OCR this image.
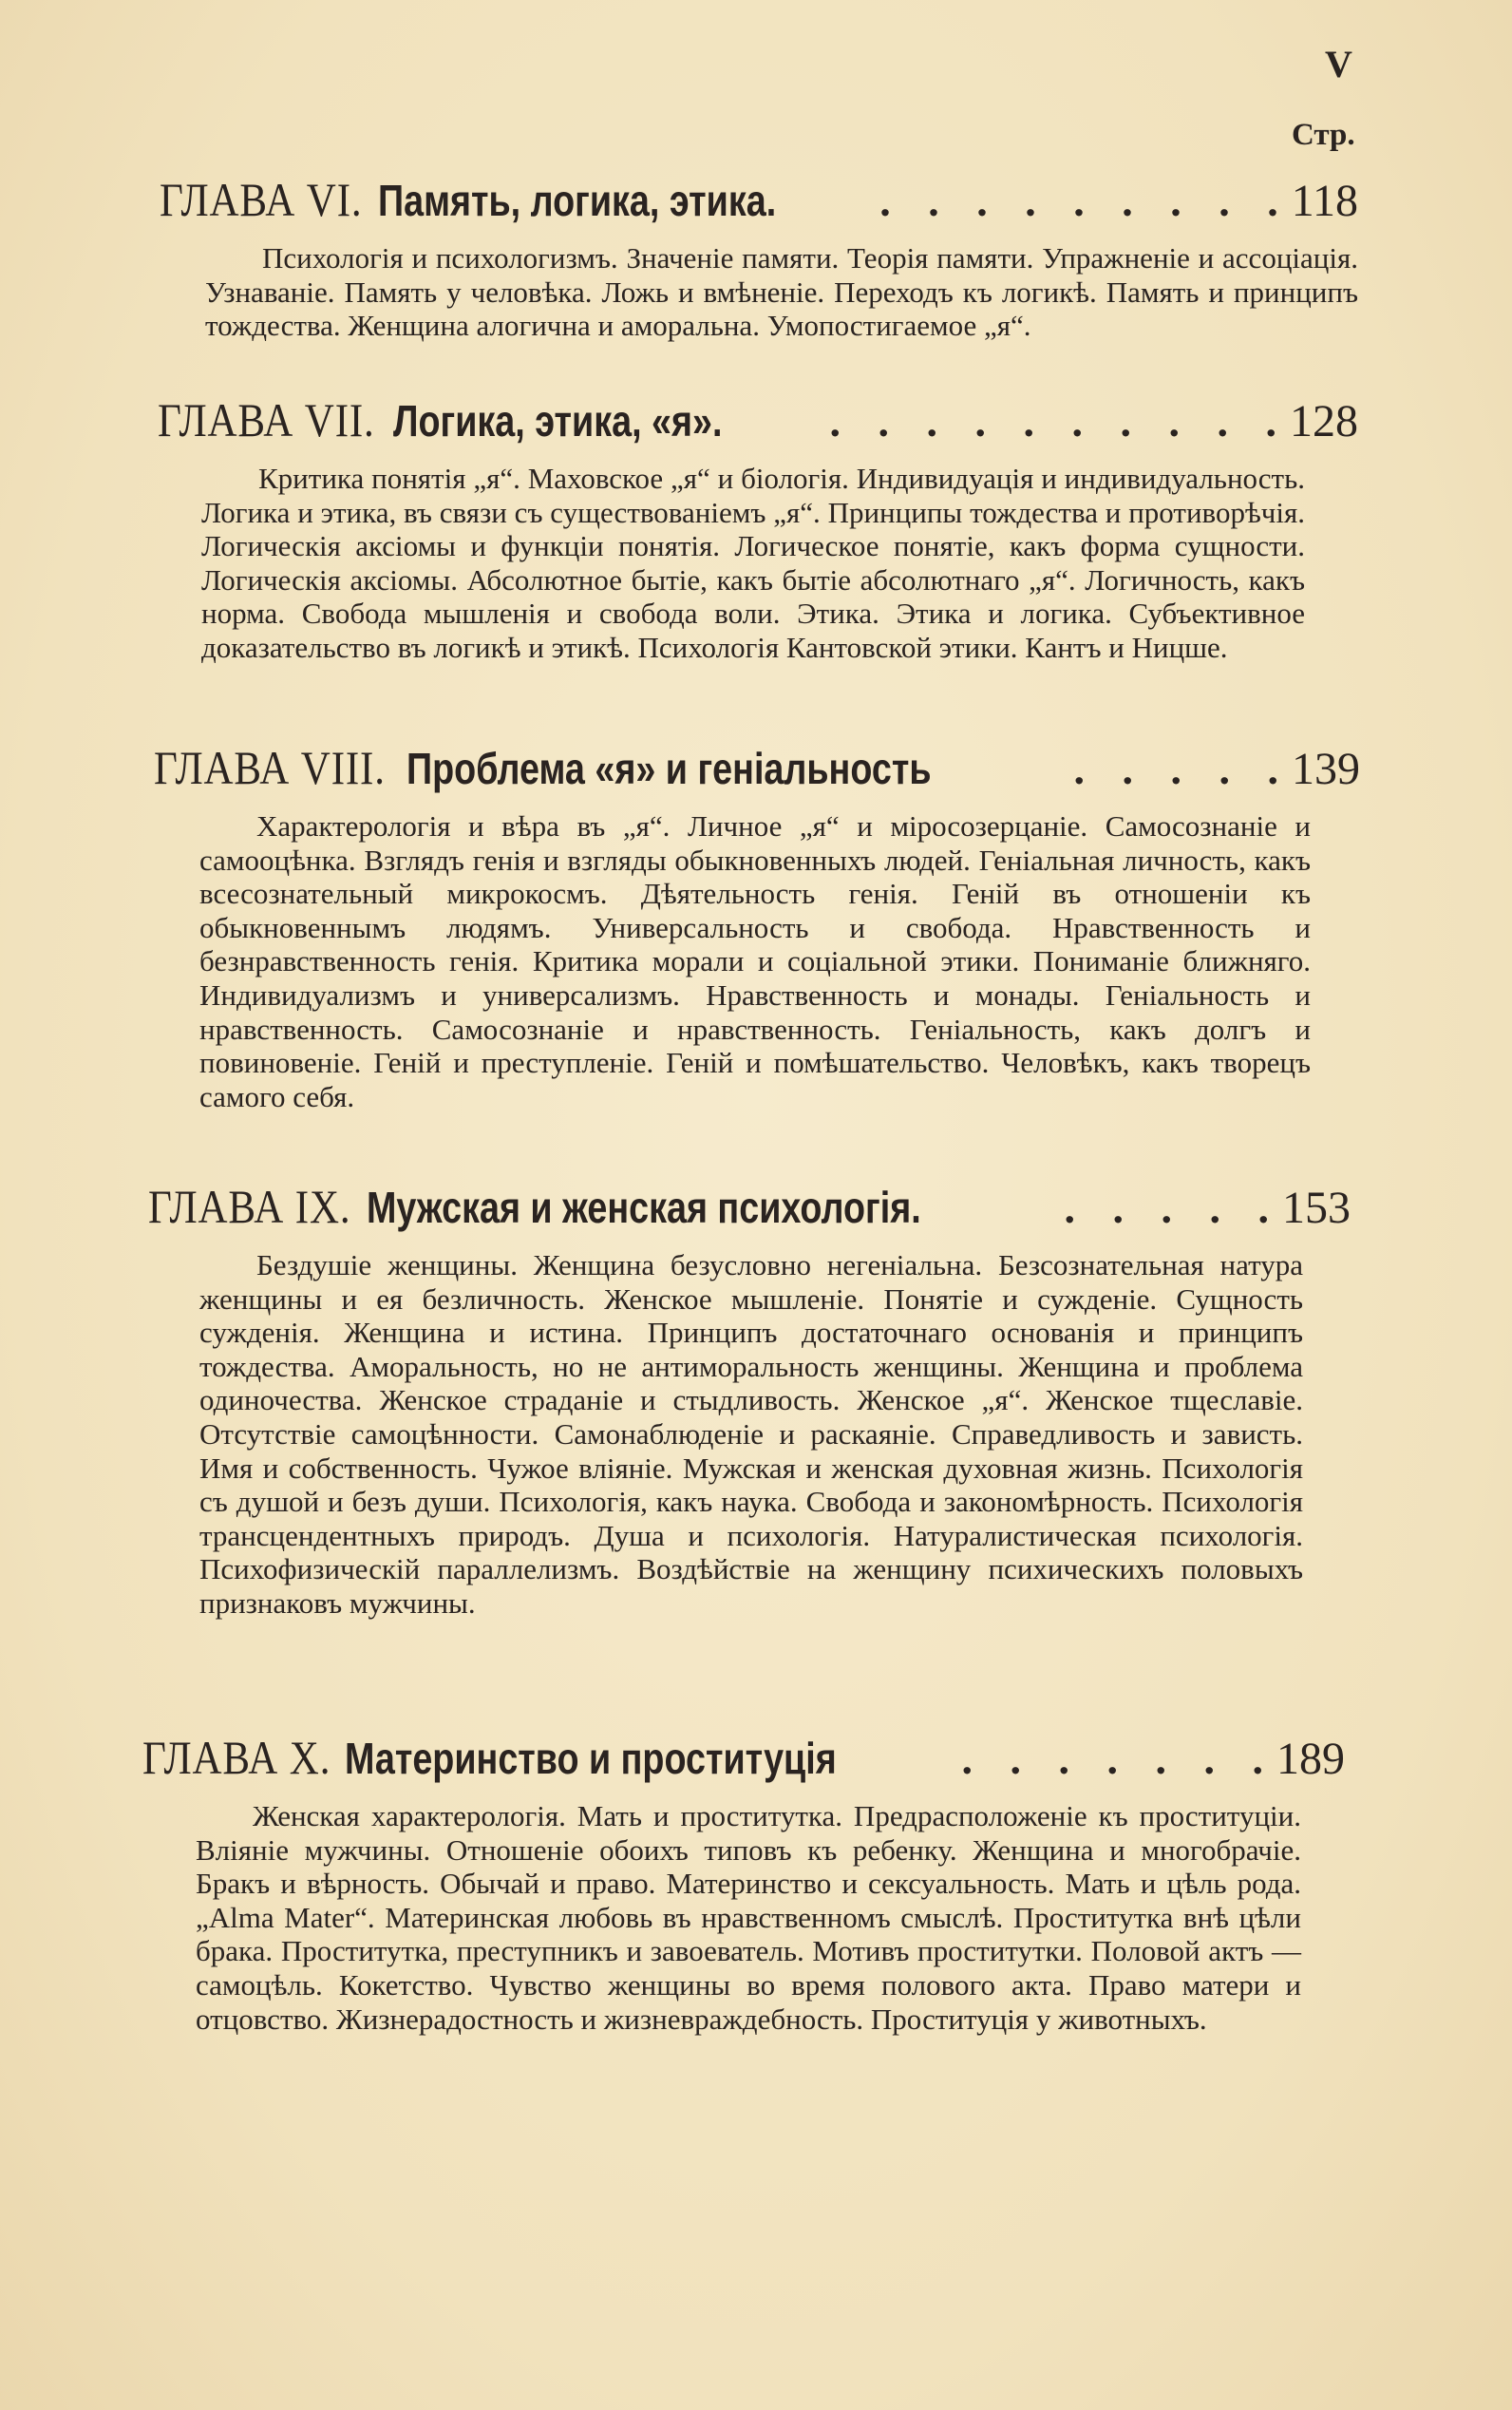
V
Стр.
ГЛАВА VI. Память, логика, этика.	. . . . . . . . . 118

Психологія и психологизмъ. Значеніе памяти. Теорія памяти. Упражненіе и ассоціація. Узнаваніе. Память у человѣка. Ложь и вмѣненіе. Переходъ къ логикѣ. Память и принципъ тождества. Женщина алогична и аморальна. Умопостигаемое „я“.

ГЛАВА VII. Логика, этика, «я».	. . . . . . . . . . 128

Критика понятія „я“. Маховское „я“ и біологія. Индивидуація и индивидуальность. Логика и этика, въ связи съ существованіемъ „я“. Принципы тождества и противорѣчія. Логическія аксіомы и функціи понятія. Логическое понятіе, какъ форма сущности. Логическія аксіомы. Абсолютное бытіе, какъ бытіе абсолютнаго „я“. Логичность, какъ норма. Свобода мышленія и свобода воли. Этика. Этика и логика. Субъективное доказательство въ логикѣ и этикѣ. Психологія Кантовской этики. Кантъ и Ницше.

ГЛАВА VIII. Проблема «я» и геніальность	. . . . . 139

Характерологія и вѣра въ „я“. Личное „я“ и міросозерцаніе. Самосознаніе и самооцѣнка. Взглядъ генія и взгляды обыкновенныхъ людей. Геніальная личность, какъ всесознательный микрокосмъ. Дѣятельность генія. Геній въ отношеніи къ обыкновеннымъ людямъ. Универсальность и свобода. Нравственность и безнравственность генія. Критика морали и соціальной этики. Пониманіе ближняго. Индивидуализмъ и универсализмъ. Нравственность и монады. Геніальность и нравственность. Самосознаніе и нравственность. Геніальность, какъ долгъ и повиновеніе. Геній и преступленіе. Геній и помѣшательство. Человѣкъ, какъ творецъ самого себя.

ГЛАВА IX. Мужская и женская психологія.	. . . . . 153

Бездушіе женщины. Женщина безусловно негеніальна. Безсознательная натура женщины и ея безличность. Женское мышленіе. Понятіе и сужденіе. Сущность сужденія. Женщина и истина. Принципъ достаточнаго основанія и принципъ тождества. Аморальность, но не антиморальность женщины. Женщина и проблема одиночества. Женское страданіе и стыдливость. Женское „я“. Женское тщеславіе. Отсутствіе самоцѣнности. Самонаблюденіе и раскаяніе. Справедливость и зависть. Имя и собственность. Чужое вліяніе. Мужская и женская духовная жизнь. Психологія съ душой и безъ души. Психологія, какъ наука. Свобода и закономѣрность. Психологія трансцендентныхъ природъ. Душа и психологія. Натуралистическая психологія. Психофизическій параллелизмъ. Воздѣйствіе на женщину психическихъ половыхъ признаковъ мужчины.

ГЛАВА X. Материнство и проституція	. . . . . . . 189

Женская характерологія. Мать и проститутка. Предрасположеніе къ проституціи. Вліяніе мужчины. Отношеніе обоихъ типовъ къ ребенку. Женщина и многобрачіе. Бракъ и вѣрность. Обычай и право. Материнство и сексуальность. Мать и цѣль рода. „Alma Mater“. Материнская любовь въ нравственномъ смыслѣ. Проститутка внѣ цѣли брака. Проститутка, преступникъ и завоеватель. Мотивъ проститутки. Половой актъ — самоцѣль. Кокетство. Чувство женщины во время полового акта. Право матери и отцовство. Жизнерадостность и жизневраждебность. Проституція у животныхъ.
